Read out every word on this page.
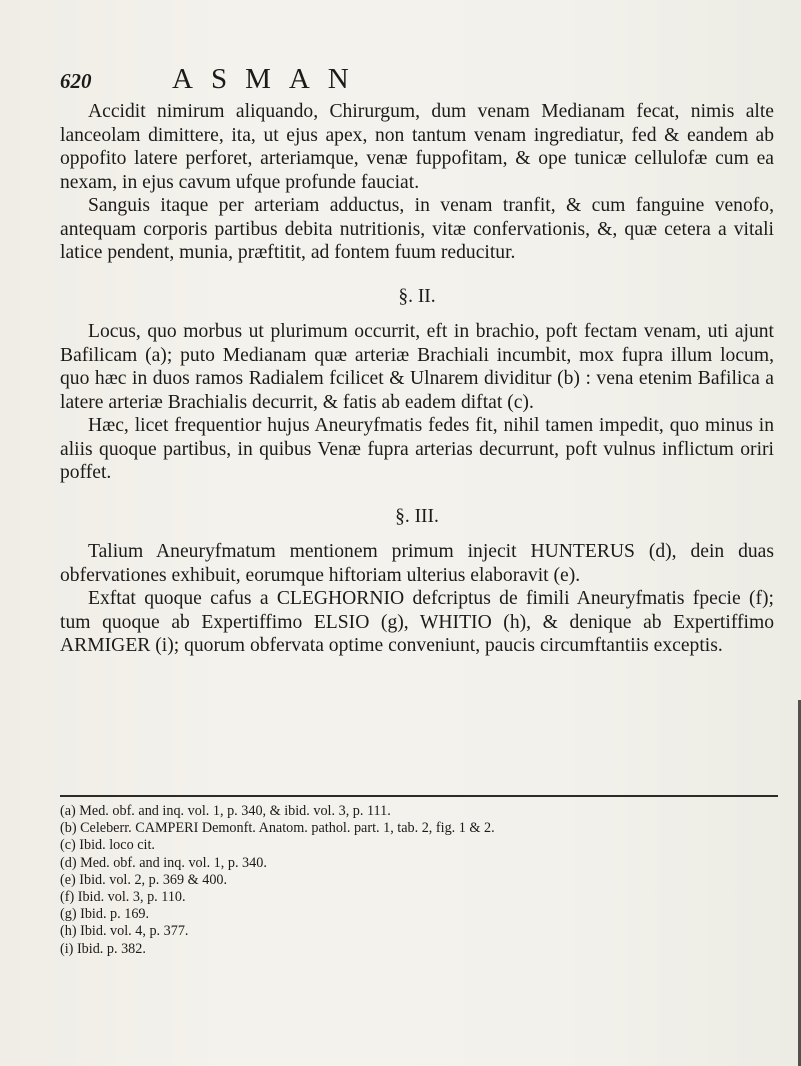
620	ASMAN

Accidit nimirum aliquando, Chirurgum, dum venam Medianam fecat, nimis alte lanceolam dimittere, ita, ut ejus apex, non tantum venam ingrediatur, fed & eandem ab oppofito latere perforet, arteriamque, venæ fuppofitam, & ope tunicæ cellulofæ cum ea nexam, in ejus cavum ufque profunde fauciat.

Sanguis itaque per arteriam adductus, in venam tranfit, & cum fanguine venofo, antequam corporis partibus debita nutritionis, vitæ confervationis, &, quæ cetera a vitali latice pendent, munia, præftitit, ad fontem fuum reducitur.

§. II.

Locus, quo morbus ut plurimum occurrit, eft in brachio, poft fectam venam, uti ajunt Bafilicam (a); puto Medianam quæ arteriæ Brachiali incumbit, mox fupra illum locum, quo hæc in duos ramos Radialem fcilicet & Ulnarem dividitur (b) : vena etenim Bafilica a latere arteriæ Brachialis decurrit, & fatis ab eadem diftat (c).

Hæc, licet frequentior hujus Aneuryfmatis fedes fit, nihil tamen impedit, quo minus in aliis quoque partibus, in quibus Venæ fupra arterias decurrunt, poft vulnus inflictum oriri poffet.

§. III.

Talium Aneuryfmatum mentionem primum injecit HUNTERUS (d), dein duas obfervationes exhibuit, eorumque hiftoriam ulterius elaboravit (e).

Exftat quoque cafus a CLEGHORNIO defcriptus de fimili Aneuryfmatis fpecie (f); tum quoque ab Expertiffimo ELSIO (g), WHITIO (h), & denique ab Expertiffimo ARMIGER (i); quorum obfervata optime conveniunt, paucis circumftantiis exceptis.

(a) Med. obf. and inq. vol. 1, p. 340, & ibid. vol. 3, p. 111.

(b) Celeberr. CAMPERI Demonft. Anatom. pathol. part. 1, tab. 2, fig. 1 & 2.

(c) Ibid. loco cit.

(d) Med. obf. and inq. vol. 1, p. 340.

(e) Ibid. vol. 2, p. 369 & 400.

(f) Ibid. vol. 3, p. 110.

(g) Ibid. p. 169.

(h) Ibid. vol. 4, p. 377.

(i) Ibid. p. 382.
